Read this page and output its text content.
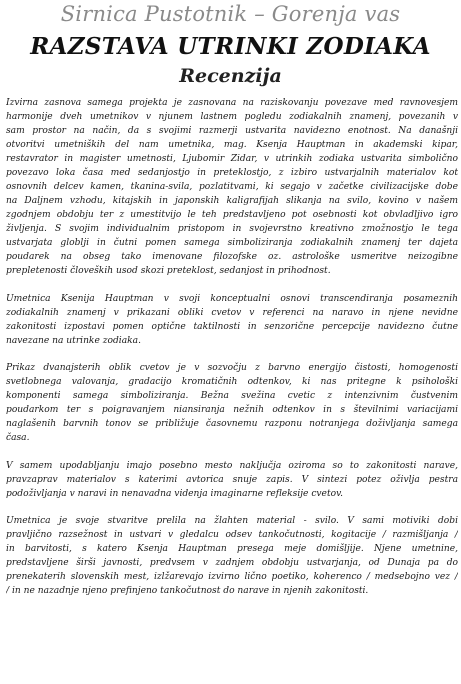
Sirnica Pustotnik – Gorenja vas
RAZSTAVA UTRINKI ZODIAKA
Recenzija
Izvirna zasnova samega projekta je zasnovana na raziskovanju povezave med ravnovesjem
harmonije dveh umetnikov v njunem lastnem pogledu zodiakalnih znamenj, povezanih v
sam prostor na način, da s svojimi razmerji ustvarita navidezno enotnost. Na današnji
otvoritvi umetniških del nam umetnika, mag. Ksenja Hauptman in akademski kipar,
restavrator in magister umetnosti, Ljubomir Zidar, v utrinkih zodiaka ustvarita simbolično
povezavo loka časa med sedanjostjo in preteklostjo, z izbiro ustvarjalnih materialov kot
osnovnih delcev kamen, tkanina-svila, pozlatitvami, ki segajo v začetke civilizacijske dobe
na Daljnem vzhodu, kitajskih in japonskih kaligrafijah slikanja na svilo, kovino v našem
zgodnjem obdobju ter z umestitvijo le teh predstavljeno pot osebnosti kot obvladljivo igro
življenja. S svojim individualnim pristopom in svojevrstno kreativno zmožnostjo le tega
ustvarjata globlji in čutni pomen samega simboliziranja zodiakalnih znamenj ter dajeta
poudarek na obseg tako imenovane filozofske oz. astrološke usmeritve neizogibne
prepletenosti človeških usod skozi preteklost, sedanjost in prihodnost.
Umetnica Ksenija Hauptman v svoji konceptualni osnovi transcendiranja posameznih
zodiakalnih znamenj v prikazani obliki cvetov v referenci na naravo in njene nevidne
zakonitosti izpostavi pomen optične taktilnosti in senzorične percepcije navidezno čutne
navezane na utrinke zodiaka.
Prikaz dvanajsterih oblik cvetov je v sozvočju z barvno energijo čistosti, homogenosti
svetlobnega valovanja, gradacijo kromatičnih odtenkov, ki nas pritegne k psihološki
komponenti samega simboliziranja. Bežna svežina cvetic z intenzivnim čustvenim
poudarkom ter s poigravanjem niansiranja nežnih odtenkov in s številnimi variacijami
naglašenih barvnih tonov se približuje časovnemu razponu notranjega doživljanja samega
časa.
V samem upodabljanju imajo posebno mesto naključja oziroma so to zakonitosti narave,
pravzaprav materialov s katerimi avtorica snuje zapis. V sintezi potez oživlja pestra
podoživljanja v naravi in nenavadna videnja imaginarne refleksije cvetov.
Umetnica je svoje stvaritve prelila na žlahten material - svilo. V sami motiviki dobi
pravljično razsežnost in ustvari v gledalcu odsev tankočutnosti, kogitacije / razmišljanja /
in barvitosti, s katero Ksenja Hauptman presega meje domišljije. Njene umetnine,
predstavljene širši javnosti, predvsem v zadnjem obdobju ustvarjanja, od Dunaja pa do
prenekaterih slovenskih mest, izlžarevajo izvirno lično poetiko, koherenco / medsebojno vez /
/ in ne nazadnje njeno prefinjeno tankočutnost do narave in njenih zakonitosti.
